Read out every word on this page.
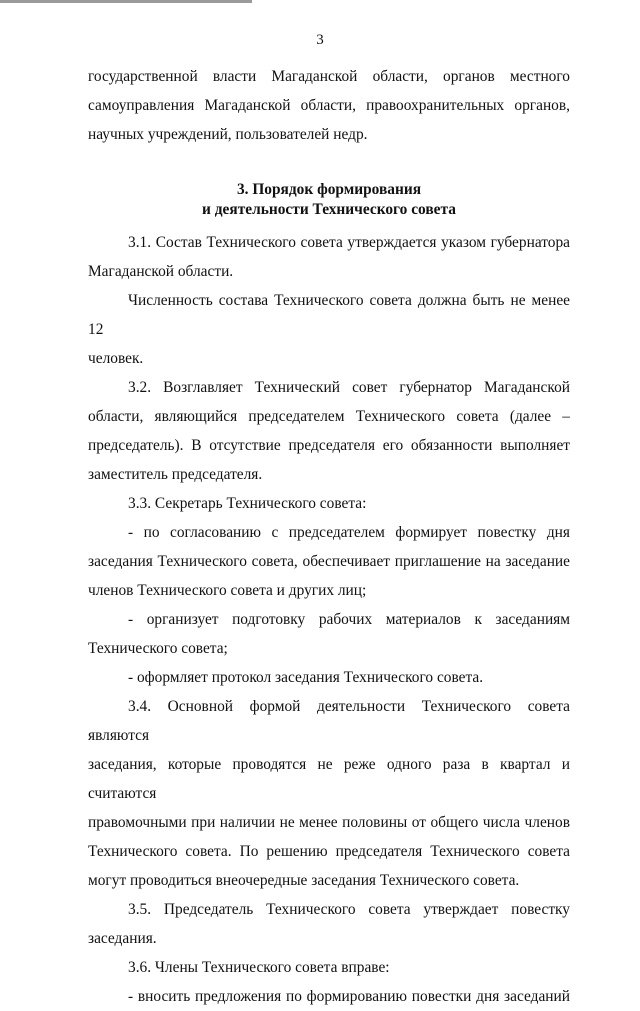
3

государственной власти Магаданской области, органов местного

самоуправления Магаданской области, правоохранительных органов,

научных учреждений, пользователей недр.

3. Порядок формирования
и деятельности Технического совета

3.1. Состав Технического совета утверждается указом губернатора

Магаданской области.

Численность состава Технического совета должна быть не менее 12

человек.

3.2. Возглавляет Технический совет губернатор Магаданской

области, являющийся председателем Технического совета (далее –

председатель). В отсутствие председателя его обязанности выполняет

заместитель председателя.

3.3. Секретарь Технического совета:

- по согласованию с председателем формирует повестку дня

заседания Технического совета, обеспечивает приглашение на заседание

членов Технического совета и других лиц;

- организует подготовку рабочих материалов к заседаниям

Технического совета;

- оформляет протокол заседания Технического совета.

3.4. Основной формой деятельности Технического совета являются

заседания, которые проводятся не реже одного раза в квартал и считаются

правомочными при наличии не менее половины от общего числа членов

Технического совета. По решению председателя Технического совета

могут проводиться внеочередные заседания Технического совета.

3.5. Председатель Технического совета утверждает повестку

заседания.

3.6. Члены Технического совета вправе:

- вносить предложения по формированию повестки дня заседаний
